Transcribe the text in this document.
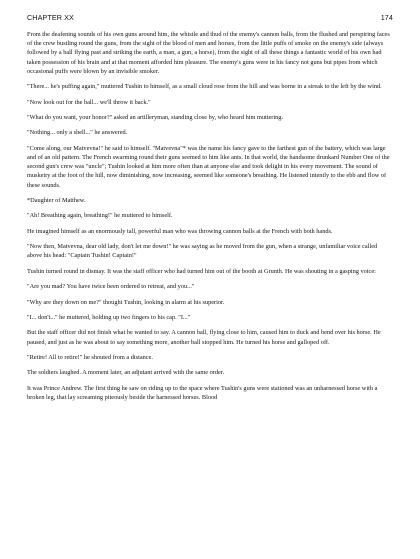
CHAPTER XX	174

From the deafening sounds of his own guns around him, the whistle and thud of the enemy's cannon balls, from the flushed and perspiring faces of the crew bustling round the guns, from the sight of the blood of men and horses, from the little puffs of smoke on the enemy's side (always followed by a ball flying past and striking the earth, a man, a gun, a horse), from the sight of all these things a fantastic world of his own had taken possession of his brain and at that moment afforded him pleasure. The enemy's guns were in his fancy not guns but pipes from which occasional puffs were blown by an invisible smoker.

"There... he's puffing again," muttered Tushin to himself, as a small cloud rose from the hill and was borne in a streak to the left by the wind.

"Now look out for the ball... we'll throw it back."

"What do you want, your honor?" asked an artilleryman, standing close by, who heard him muttering.

"Nothing... only a shell..." he answered.

"Come along, our Matvevna!" he said to himself. "Matvevna"* was the name his fancy gave to the farthest gun of the battery, which was large and of an old pattern. The French swarming round their guns seemed to him like ants. In that world, the handsome drunkard Number One of the second gun's crew was "uncle"; Tushin looked at him more often than at anyone else and took delight in his every movement. The sound of musketry at the foot of the hill, now diminishing, now increasing, seemed like someone's breathing. He listened intently to the ebb and flow of these sounds.

*Daughter of Matthew.

"Ah! Breathing again, breathing!" he muttered to himself.

He imagined himself as an enormously tall, powerful man who was throwing cannon balls at the French with both hands.

"Now then, Matvevna, dear old lady, don't let me down!" he was saying as he moved from the gun, when a strange, unfamiliar voice called above his head: "Captain Tushin! Captain!"

Tushin turned round in dismay. It was the staff officer who had turned him out of the booth at Grunth. He was shouting in a gasping voice:

"Are you mad? You have twice been ordered to retreat, and you..."

"Why are they down on me?" thought Tushin, looking in alarm at his superior.

"I... don't..." he muttered, holding up two fingers to his cap. "I..."

But the staff officer did not finish what he wanted to say. A cannon ball, flying close to him, caused him to duck and bend over his horse. He paused, and just as he was about to say something more, another ball stopped him. He turned his horse and galloped off.

"Retire! All to retire!" he shouted from a distance.

The soldiers laughed. A moment later, an adjutant arrived with the same order.

It was Prince Andrew. The first thing he saw on riding up to the space where Tushin's guns were stationed was an unharnessed horse with a broken leg, that lay screaming piteously beside the harnessed horses. Blood
